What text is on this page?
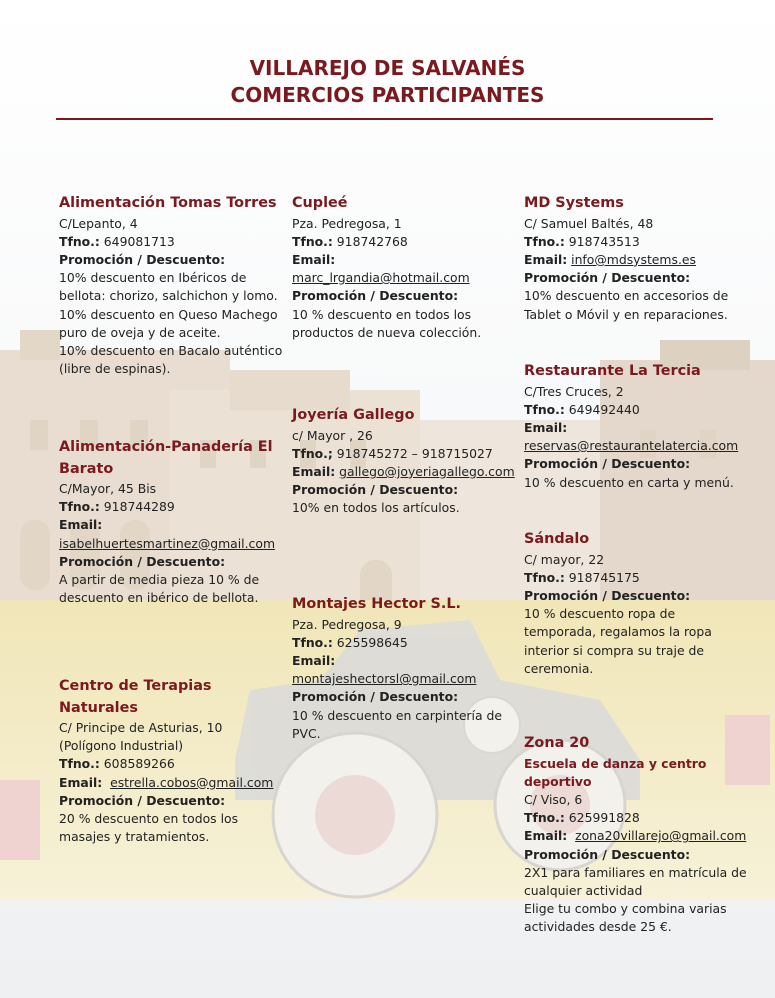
VILLAREJO DE SALVANÉS
COMERCIOS PARTICIPANTES
Alimentación Tomas Torres
C/Lepanto, 4
Tfno.: 649081713
Promoción / Descuento:
10% descuento en Ibéricos de
bellota: chorizo, salchichon y lomo.
10% descuento en Queso Machego
puro de oveja y de aceite.
10% descuento en Bacalo auténtico
(libre de espinas).
Alimentación-Panadería El
Barato
C/Mayor, 45 Bis
Tfno.: 918744289
Email:
isabelhuertesmartinez@gmail.com
Promoción / Descuento:
A partir de media pieza 10 % de
descuento en ibérico de bellota.
Centro de Terapias Naturales
C/ Principe de Asturias, 10
(Polígono Industrial)
Tfno.: 608589266
Email: estrella.cobos@gmail.com
Promoción / Descuento:
20 % descuento en todos los
masajes y tratamientos.
Cupleé
Pza. Pedregosa, 1
Tfno.: 918742768
Email:
marc_lrgandia@hotmail.com
Promoción / Descuento:
10 % descuento en todos los
productos de nueva colección.
Joyería Gallego
c/ Mayor , 26
Tfno.; 918745272 – 918715027
Email: gallego@joyeriagallego.com
Promoción / Descuento:
10% en todos los artículos.
Montajes Hector S.L.
Pza. Pedregosa, 9
Tfno.: 625598645
Email:
montajeshectorsl@gmail.com
Promoción / Descuento:
10 % descuento en carpintería de
PVC.
MD Systems
C/ Samuel Baltés, 48
Tfno.: 918743513
Email: info@mdsystems.es
Promoción / Descuento:
10% descuento en accesorios de
Tablet o Móvil y en reparaciones.
Restaurante La Tercia
C/Tres Cruces, 2
Tfno.: 649492440
Email:
reservas@restaurantelatercia.com
Promoción / Descuento:
10 % descuento en carta y menú.
Sándalo
C/ mayor, 22
Tfno.: 918745175
Promoción / Descuento:
10 % descuento ropa de
temporada, regalamos la ropa
interior si compra su traje de
ceremonia.
Zona 20
Escuela de danza y centro
deportivo
C/ Viso, 6
Tfno.: 625991828
Email: zona20villarejo@gmail.com
Promoción / Descuento:
2X1 para familiares en matrícula de
cualquier actividad
Elige tu combo y combina varias
actividades desde 25 €.
